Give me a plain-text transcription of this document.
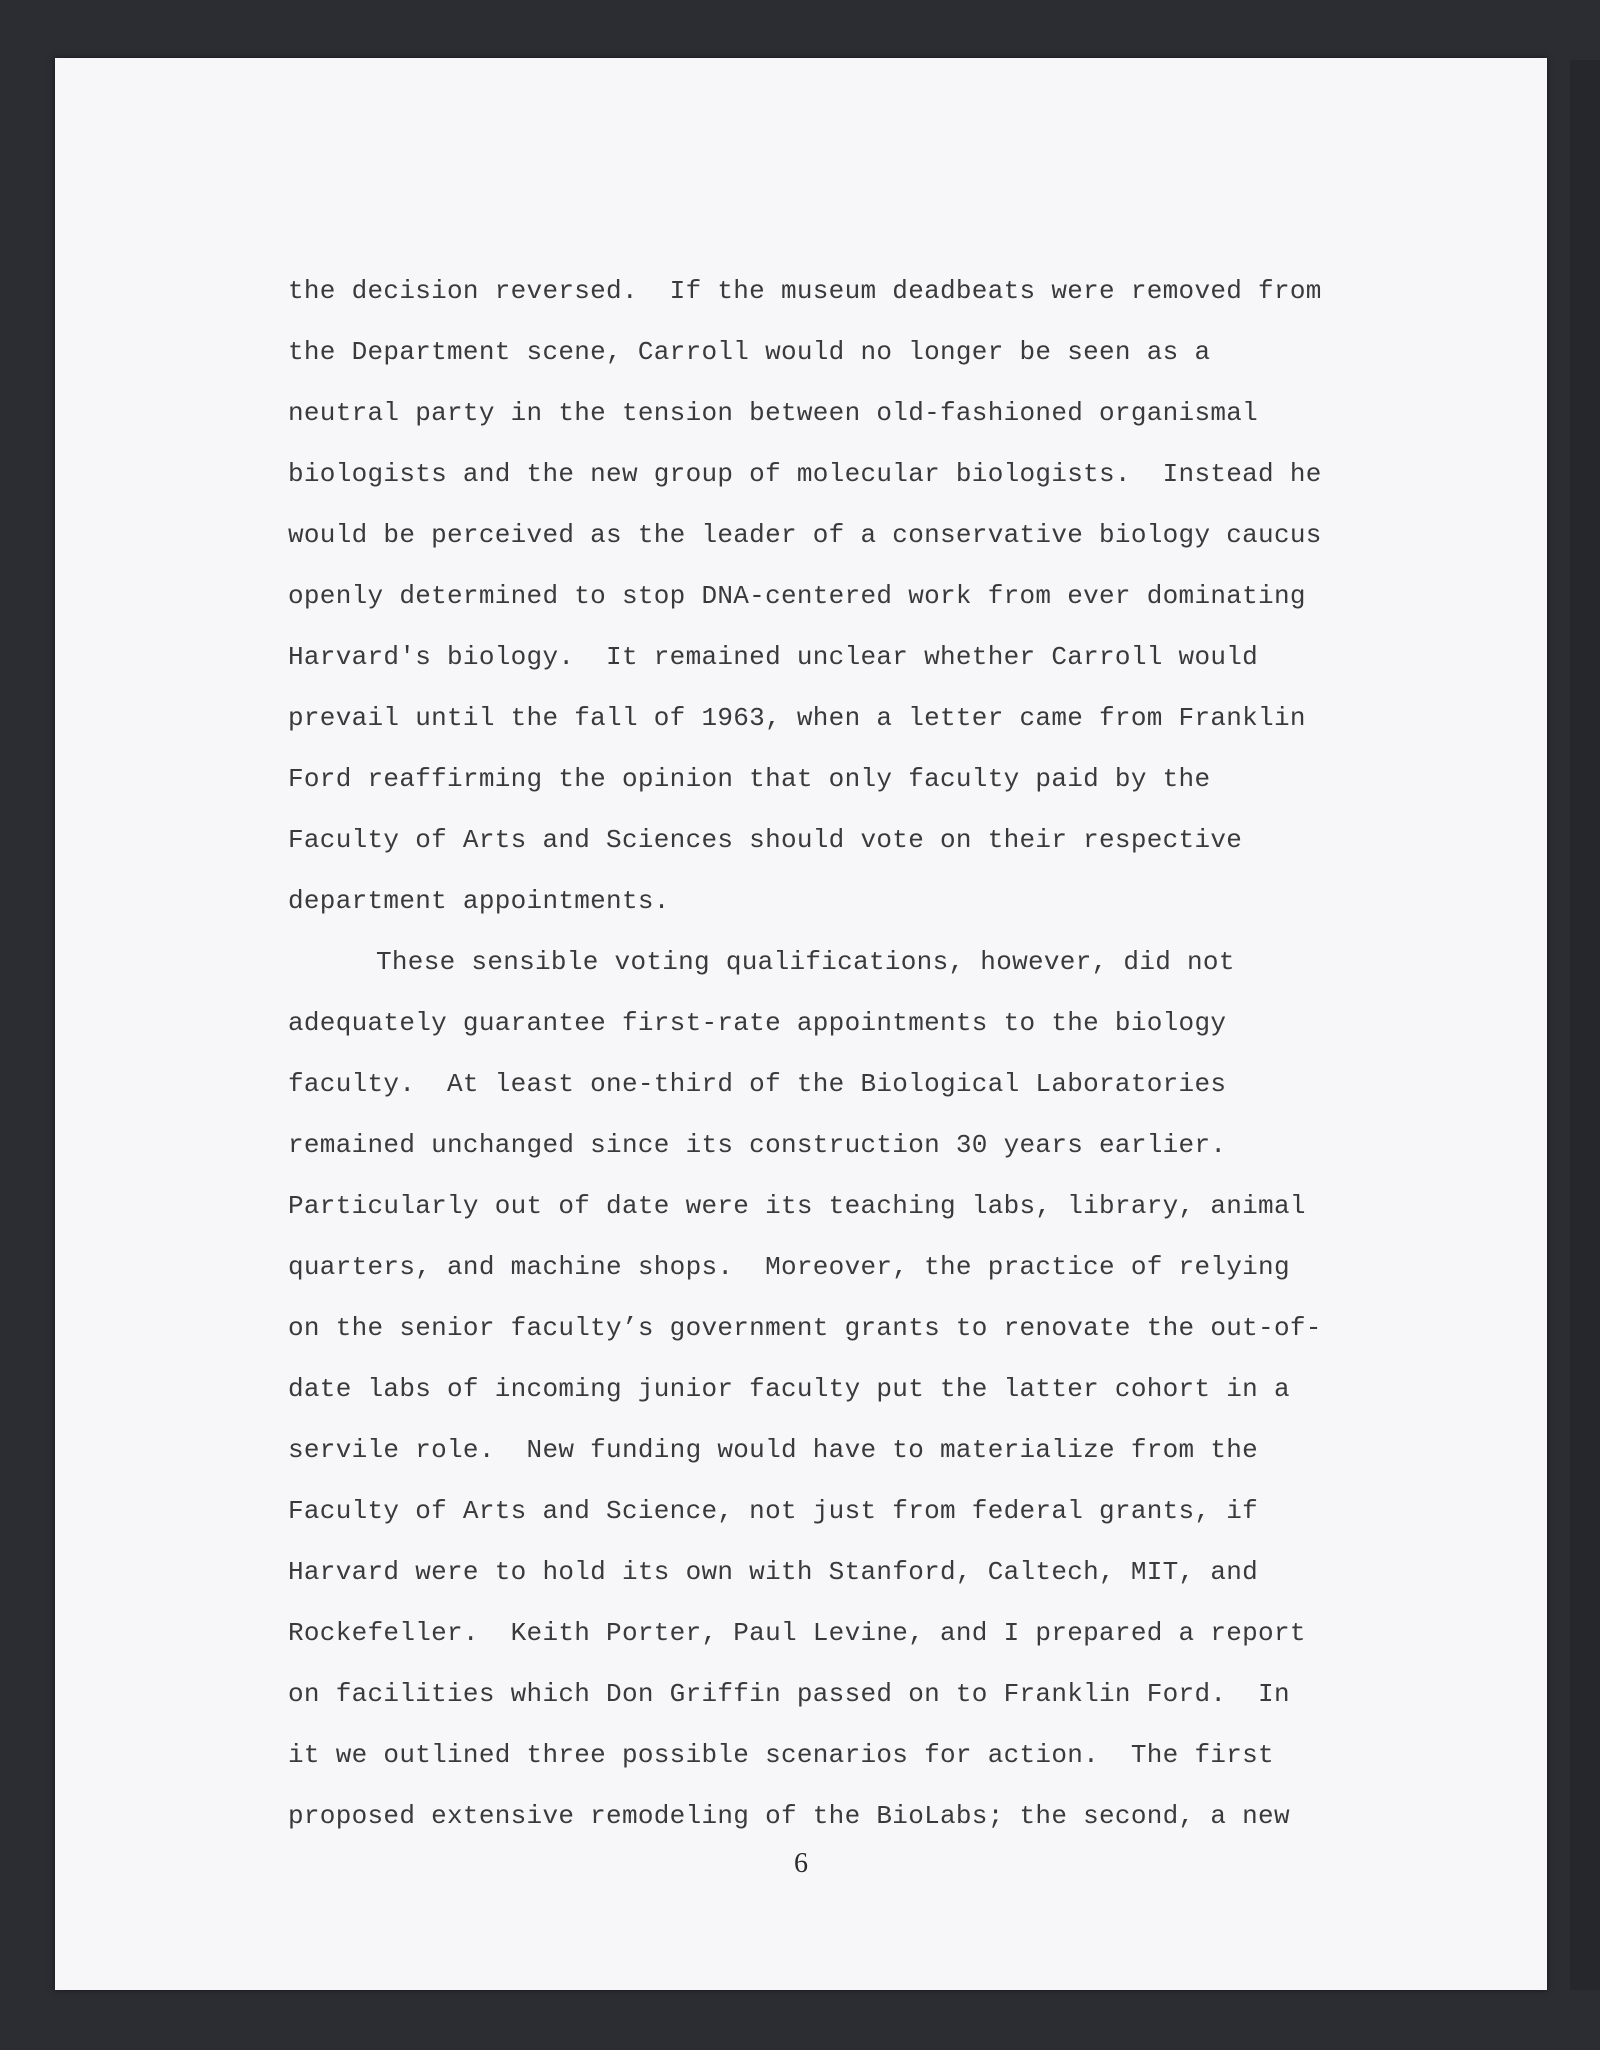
the decision reversed.  If the museum deadbeats were removed from
the Department scene, Carroll would no longer be seen as a
neutral party in the tension between old-fashioned organismal
biologists and the new group of molecular biologists.  Instead he
would be perceived as the leader of a conservative biology caucus
openly determined to stop DNA-centered work from ever dominating
Harvard's biology.  It remained unclear whether Carroll would
prevail until the fall of 1963, when a letter came from Franklin
Ford reaffirming the opinion that only faculty paid by the
Faculty of Arts and Sciences should vote on their respective
department appointments.
These sensible voting qualifications, however, did not
adequately guarantee first-rate appointments to the biology
faculty.  At least one-third of the Biological Laboratories
remained unchanged since its construction 30 years earlier.
Particularly out of date were its teaching labs, library, animal
quarters, and machine shops.  Moreover, the practice of relying
on the senior faculty’s government grants to renovate the out-of-
date labs of incoming junior faculty put the latter cohort in a
servile role.  New funding would have to materialize from the
Faculty of Arts and Science, not just from federal grants, if
Harvard were to hold its own with Stanford, Caltech, MIT, and
Rockefeller.  Keith Porter, Paul Levine, and I prepared a report
on facilities which Don Griffin passed on to Franklin Ford.  In
it we outlined three possible scenarios for action.  The first
proposed extensive remodeling of the BioLabs; the second, a new
6
